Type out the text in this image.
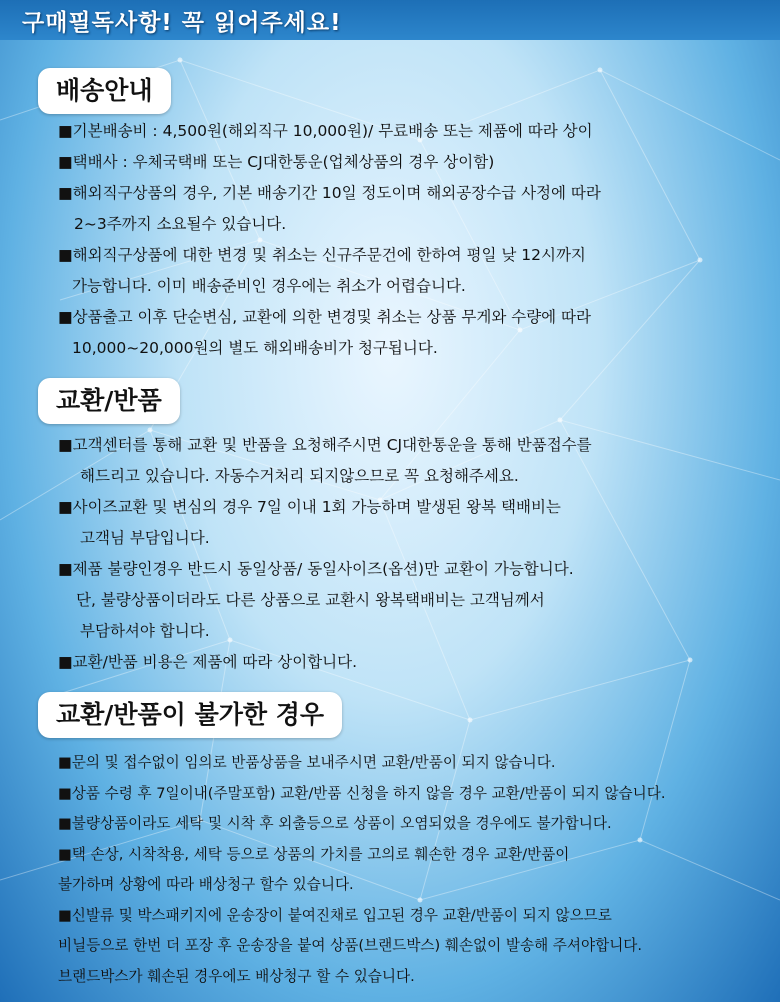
구매필독사항! 꼭 읽어주세요!
배송안내
■기본배송비 : 4,500원(해외직구 10,000원)/ 무료배송 또는 제품에 따라 상이
■택배사 : 우체국택배 또는 CJ대한통운(업체상품의 경우 상이함)
■해외직구상품의 경우, 기본 배송기간 10일 정도이며 해외공장수급 사정에 따라
2~3주까지 소요될수 있습니다.
■해외직구상품에 대한 변경 및 취소는 신규주문건에 한하여 평일 낮 12시까지
가능합니다. 이미 배송준비인 경우에는 취소가 어렵습니다.
■상품출고 이후 단순변심, 교환에 의한 변경및 취소는 상품 무게와 수량에 따라
10,000~20,000원의 별도 해외배송비가 청구됩니다.
교환/반품
■고객센터를 통해 교환 및 반품을 요청해주시면 CJ대한통운을 통해 반품접수를
해드리고 있습니다. 자동수거처리 되지않으므로 꼭 요청해주세요.
■사이즈교환 및 변심의 경우 7일 이내 1회 가능하며 발생된 왕복 택배비는
고객님 부담입니다.
■제품 불량인경우 반드시 동일상품/ 동일사이즈(옵션)만 교환이 가능합니다.
단, 불량상품이더라도 다른 상품으로 교환시 왕복택배비는 고객님께서
부담하셔야 합니다.
■교환/반품 비용은 제품에 따라 상이합니다.
교환/반품이 불가한 경우
■문의 및 접수없이 임의로 반품상품을 보내주시면 교환/반품이 되지 않습니다.
■상품 수령 후 7일이내(주말포함) 교환/반품 신청을 하지 않을 경우 교환/반품이 되지 않습니다.
■불량상품이라도 세탁 및 시착 후 외출등으로 상품이 오염되었을 경우에도 불가합니다.
■택 손상, 시착착용, 세탁 등으로 상품의 가치를 고의로 훼손한 경우 교환/반품이
불가하며 상황에 따라 배상청구 할수 있습니다.
■신발류 및 박스패키지에 운송장이 붙여진채로 입고된 경우 교환/반품이 되지 않으므로
비닐등으로 한번 더 포장 후 운송장을 붙여 상품(브랜드박스) 훼손없이 발송해 주셔야합니다.
브랜드박스가 훼손된 경우에도 배상청구 할 수 있습니다.
